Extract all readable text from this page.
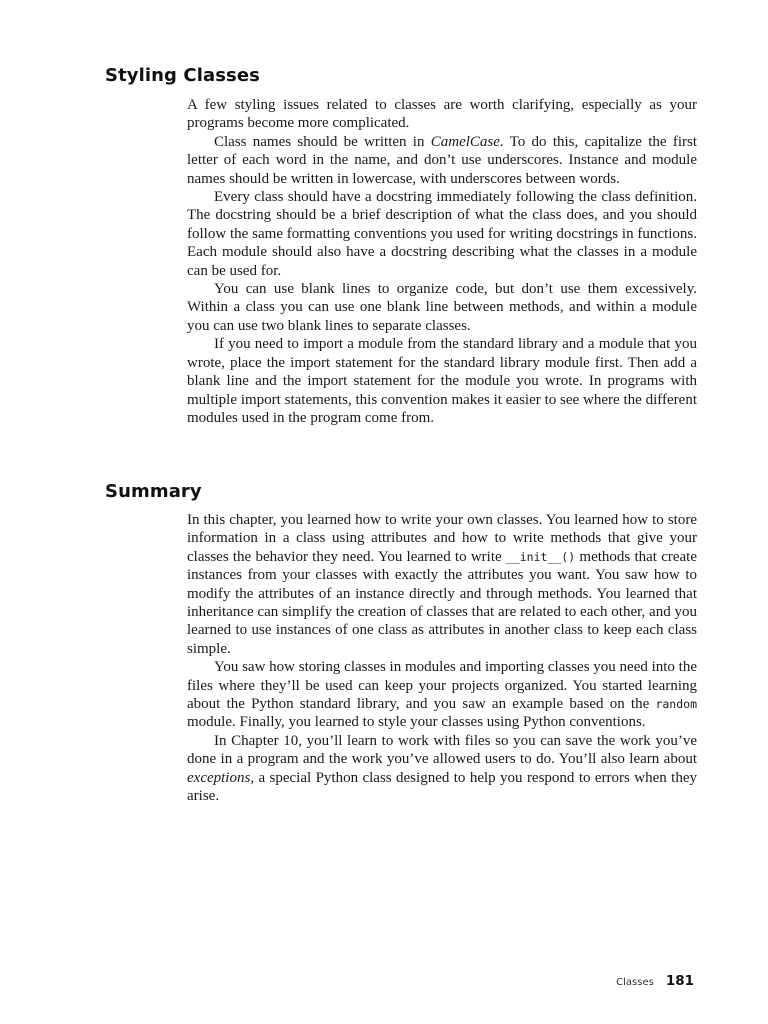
Styling Classes

A few styling issues related to classes are worth clarifying, especially as your programs become more complicated.

Class names should be written in CamelCase. To do this, capitalize the first letter of each word in the name, and don’t use underscores. Instance and module names should be written in lowercase, with underscores between words.

Every class should have a docstring immediately following the class definition. The docstring should be a brief description of what the class does, and you should follow the same formatting conventions you used for writing docstrings in functions. Each module should also have a docstring describing what the classes in a module can be used for.

You can use blank lines to organize code, but don’t use them excessively. Within a class you can use one blank line between methods, and within a module you can use two blank lines to separate classes.

If you need to import a module from the standard library and a module that you wrote, place the import statement for the standard library module first. Then add a blank line and the import statement for the module you wrote. In programs with multiple import statements, this convention makes it easier to see where the different modules used in the program come from.

Summary

In this chapter, you learned how to write your own classes. You learned how to store information in a class using attributes and how to write methods that give your classes the behavior they need. You learned to write __init__() methods that create instances from your classes with exactly the attributes you want. You saw how to modify the attributes of an instance directly and through methods. You learned that inheritance can simplify the creation of classes that are related to each other, and you learned to use instances of one class as attributes in another class to keep each class simple.

You saw how storing classes in modules and importing classes you need into the files where they’ll be used can keep your projects organized. You started learning about the Python standard library, and you saw an example based on the random module. Finally, you learned to style your classes using Python conventions.

In Chapter 10, you’ll learn to work with files so you can save the work you’ve done in a program and the work you’ve allowed users to do. You’ll also learn about exceptions, a special Python class designed to help you respond to errors when they arise.

Classes 181
